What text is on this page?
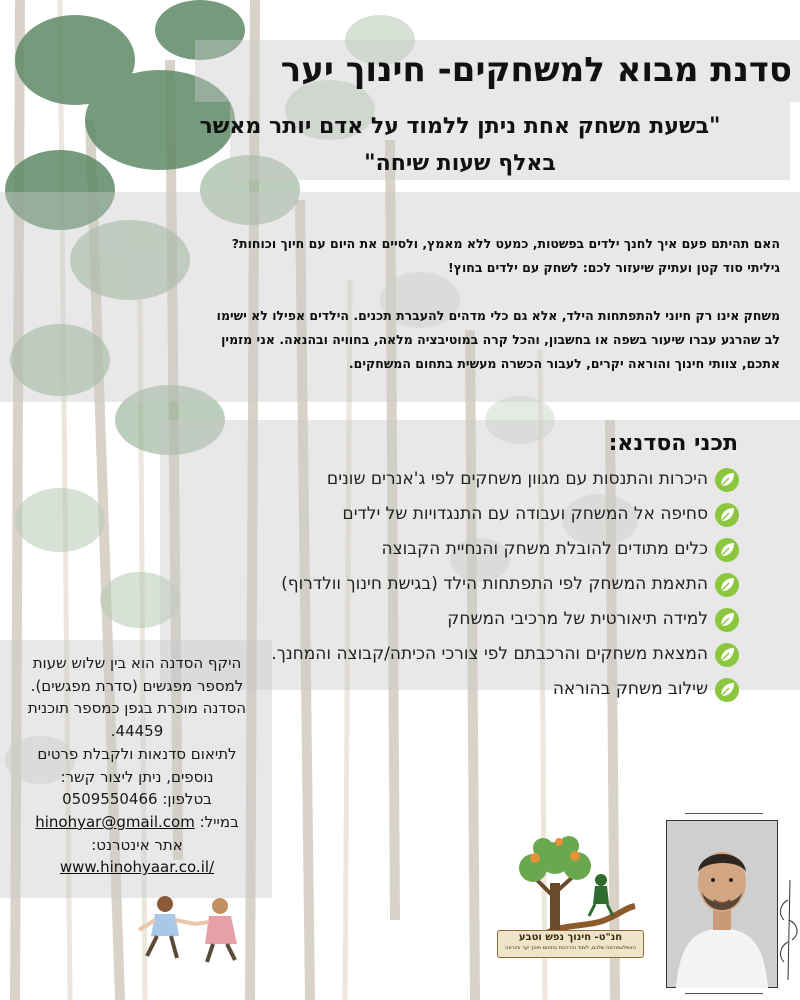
סדנת מבוא למשחקים- חינוך יער
"בשעת משחק אחת ניתן ללמוד על אדם יותר מאשר
באלף שעות שיחה"
האם תהיתם פעם איך לחנך ילדים בפשטות, כמעט ללא מאמץ, ולסיים את היום עם חיוך וכוחות?
גיליתי סוד קטן ועתיק שיעזור לכם: לשחק עם ילדים בחוץ!
משחק אינו רק חיוני להתפתחות הילד, אלא גם כלי מדהים להעברת תכנים. הילדים אפילו לא ישימו
לב שהרגע עברו שיעור בשפה או בחשבון, והכל קרה במוטיבציה מלאה, בחוויה ובהנאה. אני מזמין
אתכם, צוותי חינוך והוראה יקרים, לעבור הכשרה מעשית בתחום המשחקים.
תכני הסדנא:
היכרות והתנסות עם מגוון משחקים לפי ג'אנרים שונים
סחיפה אל המשחק ועבודה עם התנגדויות של ילדים
כלים מתודים להובלת משחק והנחיית הקבוצה
התאמת המשחק לפי התפתחות הילד (בגישת חינוך וולדרוף)
למידה תיאורטית של מרכיבי המשחק
המצאת משחקים והרכבתם לפי צורכי הכיתה/קבוצה והמחנך.
שילוב משחק בהוראה
היקף הסדנה הוא בין שלוש שעות
למספר מפגשים (סדרת מפגשים).
הסדנה מוכרת בגפן כמספר תוכנית
44459.
לתיאום סדנאות ולקבלת פרטים
נוספים, ניתן ליצור קשר:
בטלפון: 0509550466
במייל: hinohyar@gmail.com
אתר אינטרנט:
www.hinohyaar.co.il/
חנ"ט- חינוך נפש וטבע
האפלטפורמה שלכם, לימוד והדרכות בתחום חינוך יער והוראה
